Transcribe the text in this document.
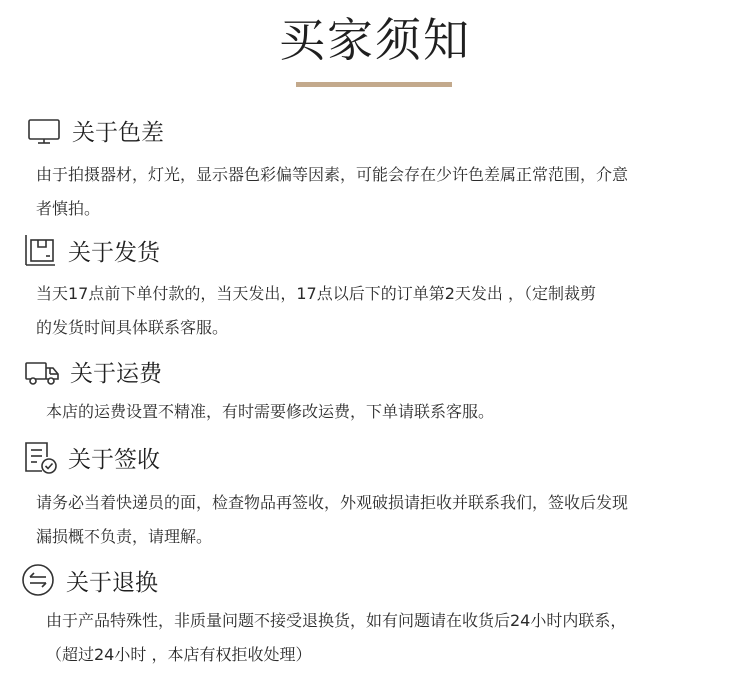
买家须知
关于色差
由于拍摄器材，灯光，显示器色彩偏等因素，可能会存在少许色差属正常范围，介意
者慎拍。
关于发货
当天17点前下单付款的，当天发出，17点以后下的订单第2天发出 ，（定制裁剪
的发货时间具体联系客服。
关于运费
本店的运费设置不精准，有时需要修改运费，下单请联系客服。
关于签收
请务必当着快递员的面，检查物品再签收，外观破损请拒收并联系我们，签收后发现
漏损概不负责，请理解。
关于退换
由于产品特殊性，非质量问题不接受退换货，如有问题请在收货后24小时内联系，
（超过24小时 ，本店有权拒收处理）
